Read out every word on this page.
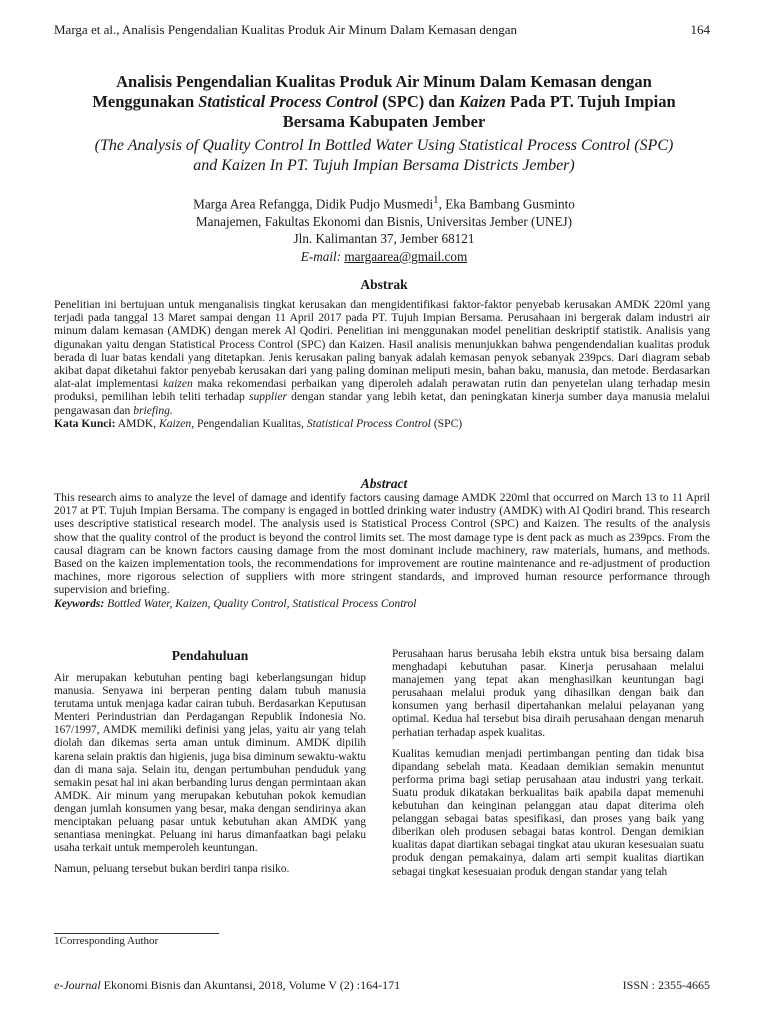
Marga et al., Analisis Pengendalian Kualitas Produk Air Minum Dalam Kemasan dengan	164
Analisis Pengendalian Kualitas Produk Air Minum Dalam Kemasan dengan
Menggunakan Statistical Process Control (SPC) dan Kaizen Pada PT. Tujuh Impian
Bersama Kabupaten Jember
(The Analysis of Quality Control In Bottled Water Using Statistical Process Control (SPC)
and Kaizen In PT. Tujuh Impian Bersama Districts Jember)
Marga Area Refangga, Didik Pudjo Musmedi$^1$, Eka Bambang Gusminto
Manajemen, Fakultas Ekonomi dan Bisnis, Universitas Jember (UNEJ)
Jln. Kalimantan 37, Jember 68121
E-mail: margaarea@gmail.com
Abstrak

Penelitian ini bertujuan untuk menganalisis tingkat kerusakan dan mengidentifikasi faktor-faktor penyebab kerusakan AMDK 220ml yang terjadi pada tanggal 13 Maret sampai dengan 11 April 2017 pada PT. Tujuh Impian Bersama. Perusahaan ini bergerak dalam industri air minum dalam kemasan (AMDK) dengan merek Al Qodiri. Penelitian ini menggunakan model penelitian deskriptif statistik. Analisis yang digunakan yaitu dengan Statistical Process Control (SPC) dan Kaizen. Hasil analisis menunjukkan bahwa pengendendalian kualitas produk berada di luar batas kendali yang ditetapkan. Jenis kerusakan paling banyak adalah kemasan penyok sebanyak 239pcs. Dari diagram sebab akibat dapat diketahui faktor penyebab kerusakan dari yang paling dominan meliputi mesin, bahan baku, manusia, dan metode. Berdasarkan alat-alat implementasi kaizen maka rekomendasi perbaikan yang diperoleh adalah perawatan rutin dan penyetelan ulang terhadap mesin produksi, pemilihan lebih teliti terhadap supplier dengan standar yang lebih ketat, dan peningkatan kinerja sumber daya manusia melalui pengawasan dan briefing.

Kata Kunci: AMDK, Kaizen, Pengendalian Kualitas, Statistical Process Control (SPC)

Abstract

This research aims to analyze the level of damage and identify factors causing damage AMDK 220ml that occurred on March 13 to 11 April 2017 at PT. Tujuh Impian Bersama. The company is engaged in bottled drinking water industry (AMDK) with Al Qodiri brand. This research uses descriptive statistical research model. The analysis used is Statistical Process Control (SPC) and Kaizen. The results of the analysis show that the quality control of the product is beyond the control limits set. The most damage type is dent pack as much as 239pcs. From the causal diagram can be known factors causing damage from the most dominant include machinery, raw materials, humans, and methods. Based on the kaizen implementation tools, the recommendations for improvement are routine maintenance and re-adjustment of production machines, more rigorous selection of suppliers with more stringent standards, and improved human resource performance through supervision and briefing.

Keywords: Bottled Water, Kaizen, Quality Control, Statistical Process Control

Pendahuluan

Air merupakan kebutuhan penting bagi keberlangsungan hidup manusia. Senyawa ini berperan penting dalam tubuh manusia terutama untuk menjaga kadar cairan tubuh. Berdasarkan Keputusan Menteri Perindustrian dan Perdagangan Republik Indonesia No. 167/1997, AMDK memiliki definisi yang jelas, yaitu air yang telah diolah dan dikemas serta aman untuk diminum. AMDK dipilih karena selain praktis dan higienis, juga bisa diminum sewaktu-waktu dan di mana saja. Selain itu, dengan pertumbuhan penduduk yang semakin pesat hal ini akan berbanding lurus dengan permintaan akan AMDK. Air minum yang merupakan kebutuhan pokok kemudian dengan jumlah konsumen yang besar, maka dengan sendirinya akan menciptakan peluang pasar untuk kebutuhan akan AMDK yang senantiasa meningkat. Peluang ini harus dimanfaatkan bagi pelaku usaha terkait untuk memperoleh keuntungan.

Namun, peluang tersebut bukan berdiri tanpa risiko.

Perusahaan harus berusaha lebih ekstra untuk bisa bersaing dalam menghadapi kebutuhan pasar. Kinerja perusahaan melalui manajemen yang tepat akan menghasilkan keuntungan bagi perusahaan melalui produk yang dihasilkan dengan baik dan konsumen yang berhasil dipertahankan melalui pelayanan yang optimal. Kedua hal tersebut bisa diraih perusahaan dengan menaruh perhatian terhadap aspek kualitas.

Kualitas kemudian menjadi pertimbangan penting dan tidak bisa dipandang sebelah mata. Keadaan demikian semakin menuntut performa prima bagi setiap perusahaan atau industri yang terkait. Suatu produk dikatakan berkualitas baik apabila dapat memenuhi kebutuhan dan keinginan pelanggan atau dapat diterima oleh pelanggan sebagai batas spesifikasi, dan proses yang baik yang diberikan oleh produsen sebagai batas kontrol. Dengan demikian kualitas dapat diartikan sebagai tingkat atau ukuran kesesuaian suatu produk dengan pemakainya, dalam arti sempit kualitas diartikan sebagai tingkat kesesuaian produk dengan standar yang telah

1Corresponding Author
e-Journal Ekonomi Bisnis dan Akuntansi, 2018, Volume V (2) :164-171	ISSN : 2355-4665
